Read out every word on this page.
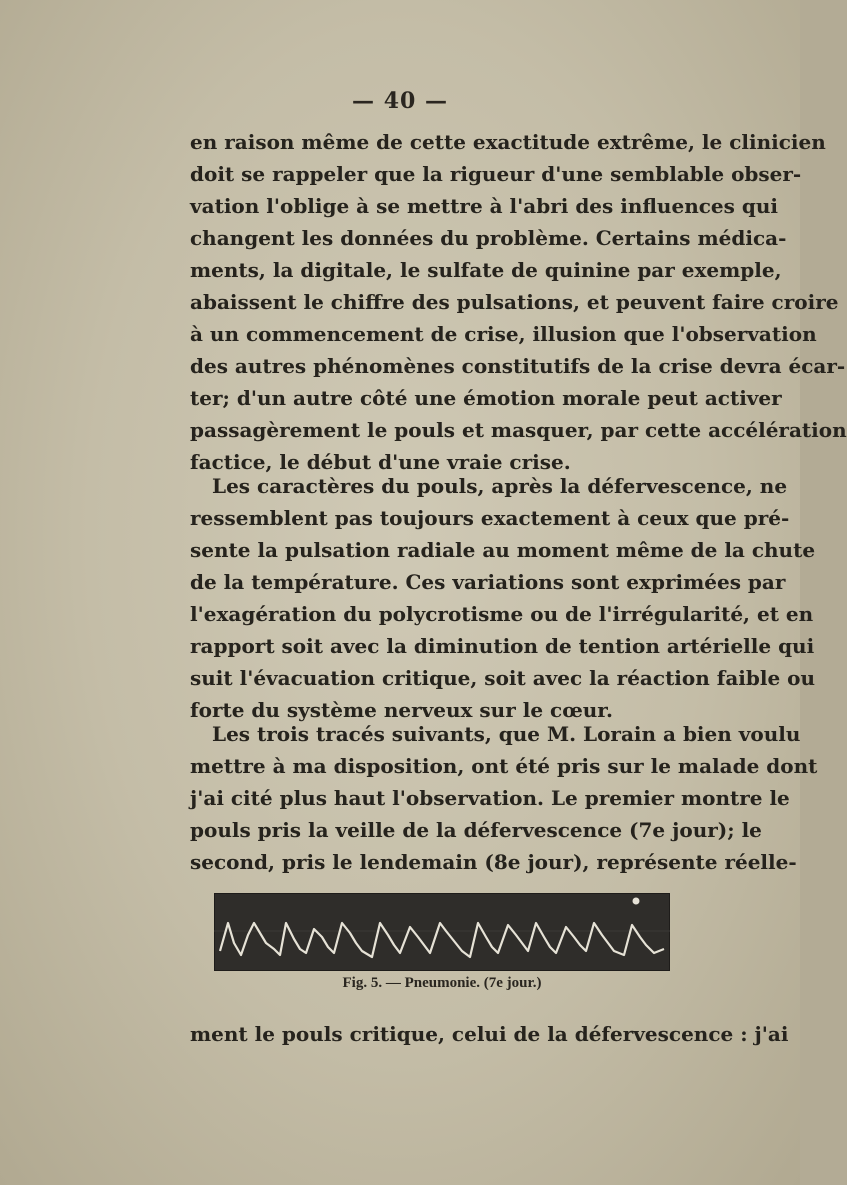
— 40 —
en raison même de cette exactitude extrême, le clinicien
doit se rappeler que la rigueur d'une semblable obser-
vation l'oblige à se mettre à l'abri des influences qui
changent les données du problème. Certains médica-
ments, la digitale, le sulfate de quinine par exemple,
abaissent le chiffre des pulsations, et peuvent faire croire
à un commencement de crise, illusion que l'observation
des autres phénomènes constitutifs de la crise devra écar-
ter; d'un autre côté une émotion morale peut activer
passagèrement le pouls et masquer, par cette accélération
factice, le début d'une vraie crise.
Les caractères du pouls, après la défervescence, ne
ressemblent pas toujours exactement à ceux que pré-
sente la pulsation radiale au moment même de la chute
de la température. Ces variations sont exprimées par
l'exagération du polycrotisme ou de l'irrégularité, et en
rapport soit avec la diminution de tention artérielle qui
suit l'évacuation critique, soit avec la réaction faible ou
forte du système nerveux sur le cœur.
Les trois tracés suivants, que M. Lorain a bien voulu
mettre à ma disposition, ont été pris sur le malade dont
j'ai cité plus haut l'observation. Le premier montre le
pouls pris la veille de la défervescence (7e jour); le
second, pris le lendemain (8e jour), représente réelle-
Fig. 5. — Pneumonie. (7e jour.)
ment le pouls critique, celui de la défervescence : j'ai
